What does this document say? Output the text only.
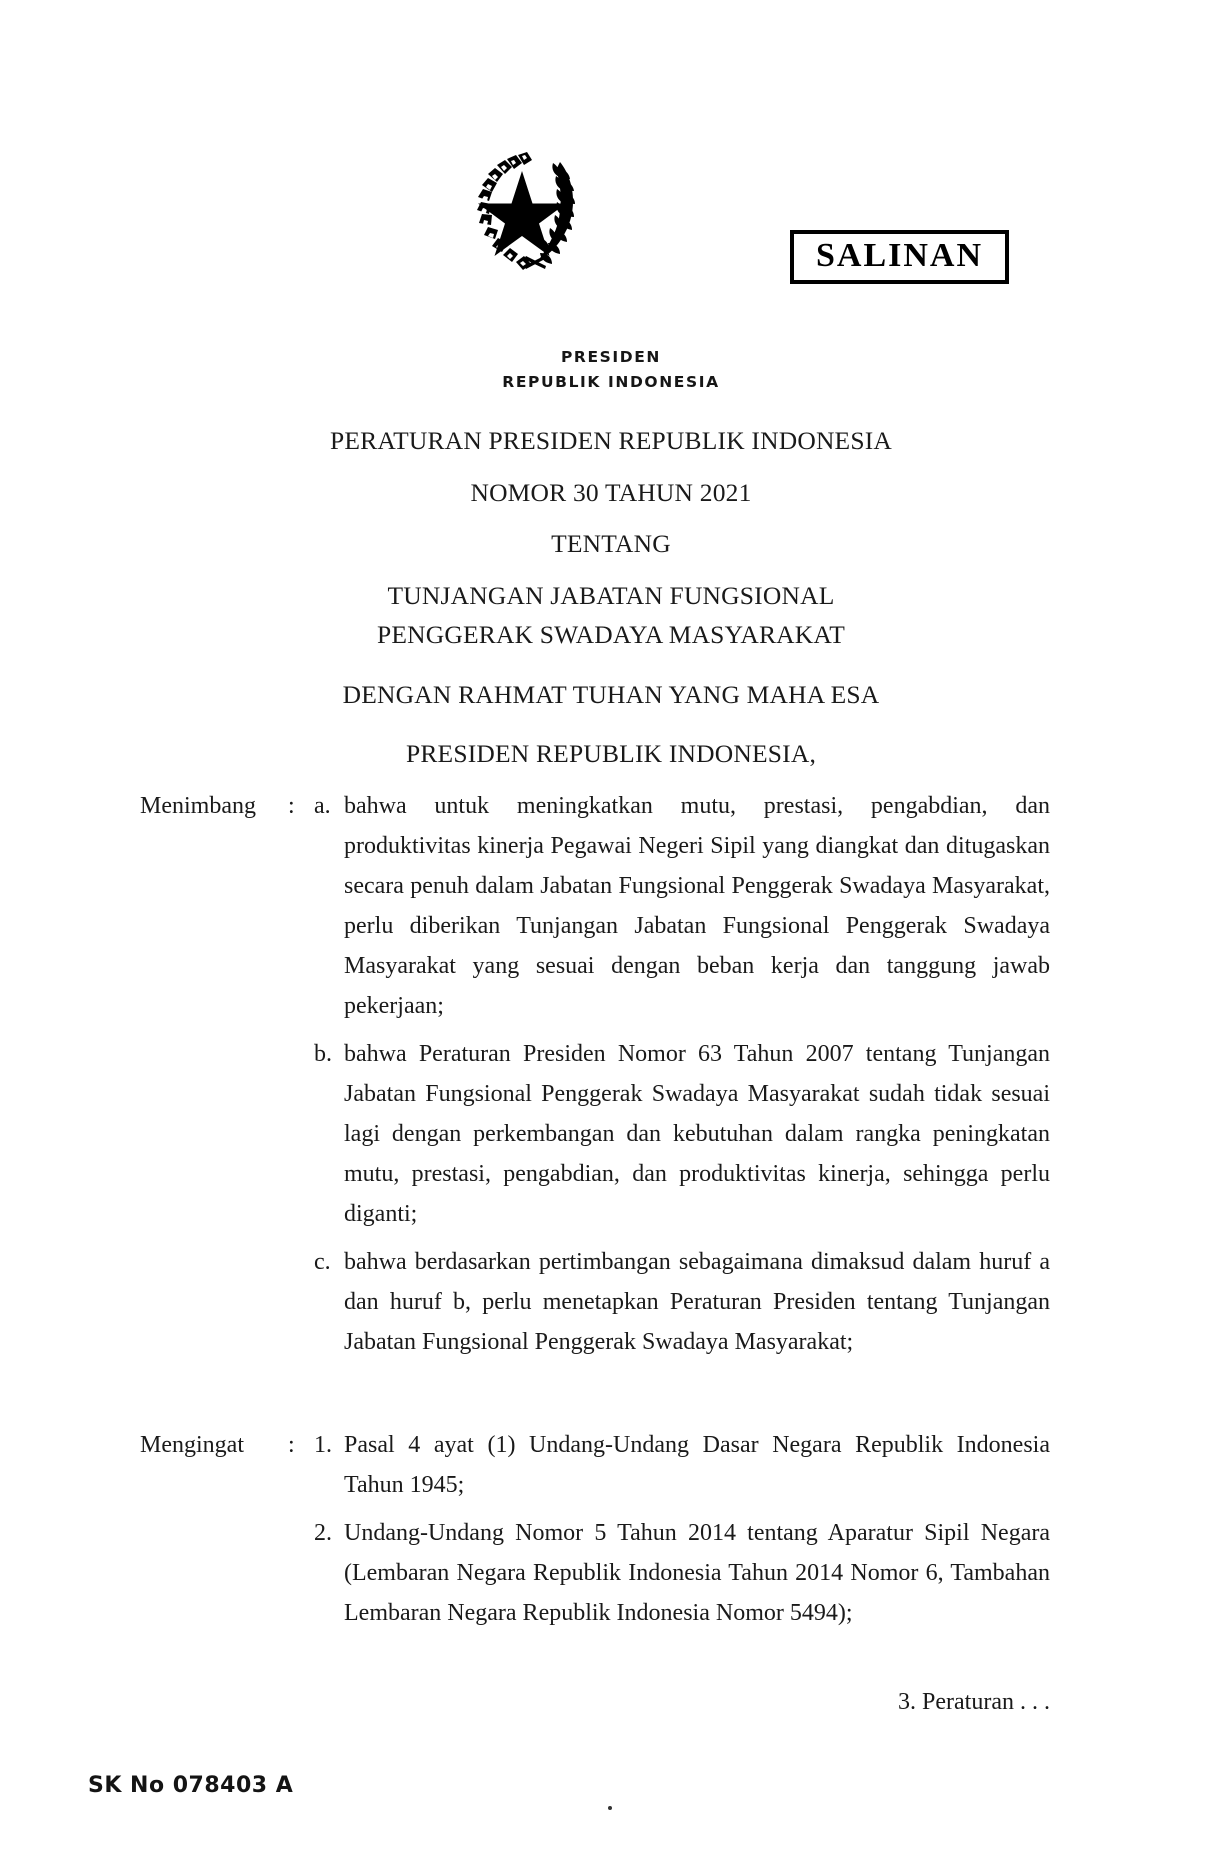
SALINAN
PRESIDEN
REPUBLIK INDONESIA
PERATURAN PRESIDEN REPUBLIK INDONESIA
NOMOR 30 TAHUN 2021
TENTANG
TUNJANGAN JABATAN FUNGSIONAL
PENGGERAK SWADAYA MASYARAKAT
DENGAN RAHMAT TUHAN YANG MAHA ESA
PRESIDEN REPUBLIK INDONESIA,
Menimbang	: a. bahwa untuk meningkatkan mutu, prestasi, pengabdian, dan produktivitas kinerja Pegawai Negeri Sipil yang diangkat dan ditugaskan secara penuh dalam Jabatan Fungsional Penggerak Swadaya Masyarakat, perlu diberikan Tunjangan Jabatan Fungsional Penggerak Swadaya Masyarakat yang sesuai dengan beban kerja dan tanggung jawab pekerjaan;
b. bahwa Peraturan Presiden Nomor 63 Tahun 2007 tentang Tunjangan Jabatan Fungsional Penggerak Swadaya Masyarakat sudah tidak sesuai lagi dengan perkembangan dan kebutuhan dalam rangka peningkatan mutu, prestasi, pengabdian, dan produktivitas kinerja, sehingga perlu diganti;
c. bahwa berdasarkan pertimbangan sebagaimana dimaksud dalam huruf a dan huruf b, perlu menetapkan Peraturan Presiden tentang Tunjangan Jabatan Fungsional Penggerak Swadaya Masyarakat;
Mengingat	: 1. Pasal 4 ayat (1) Undang-Undang Dasar Negara Republik Indonesia Tahun 1945;
2. Undang-Undang Nomor 5 Tahun 2014 tentang Aparatur Sipil Negara (Lembaran Negara Republik Indonesia Tahun 2014 Nomor 6, Tambahan Lembaran Negara Republik Indonesia Nomor 5494);
3. Peraturan . . .
SK No 078403 A
